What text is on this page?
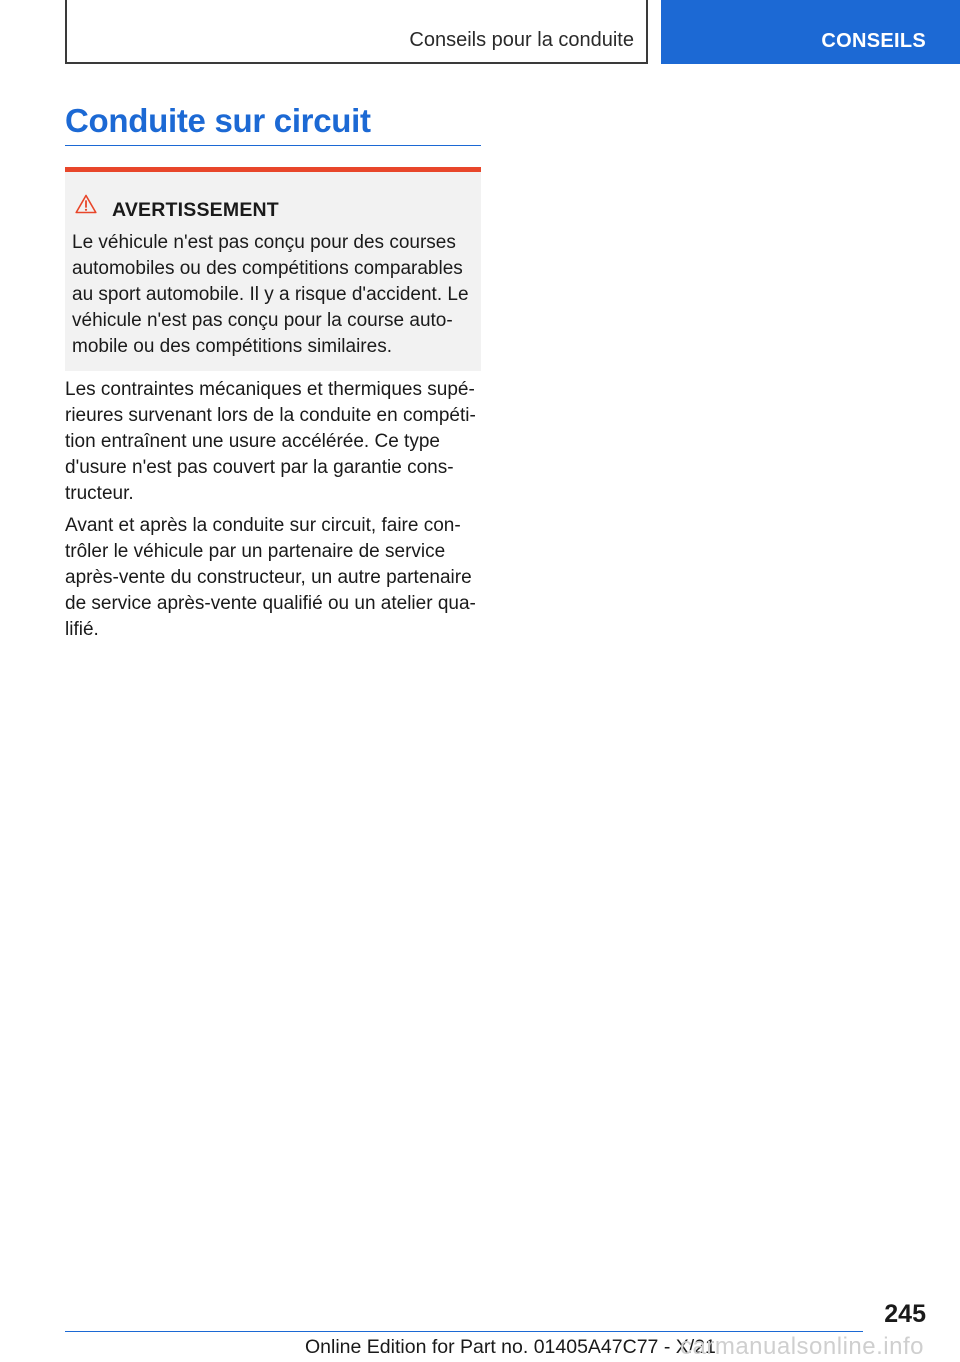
Conseils pour la conduite	CONSEILS
Conduite sur circuit
AVERTISSEMENT
Le véhicule n'est pas conçu pour des courses
automobiles ou des compétitions comparables
au sport automobile. Il y a risque d'accident. Le
véhicule n'est pas conçu pour la course auto‐
mobile ou des compétitions similaires.
Les contraintes mécaniques et thermiques supé‐
rieures survenant lors de la conduite en compéti‐
tion entraînent une usure accélérée. Ce type
d'usure n'est pas couvert par la garantie cons‐
tructeur.
Avant et après la conduite sur circuit, faire con‐
trôler le véhicule par un partenaire de service
après-vente du constructeur, un autre partenaire
de service après-vente qualifié ou un atelier qua‐
lifié.
245
Online Edition for Part no. 01405A47C77 - X/21
carmanualsonline.info
